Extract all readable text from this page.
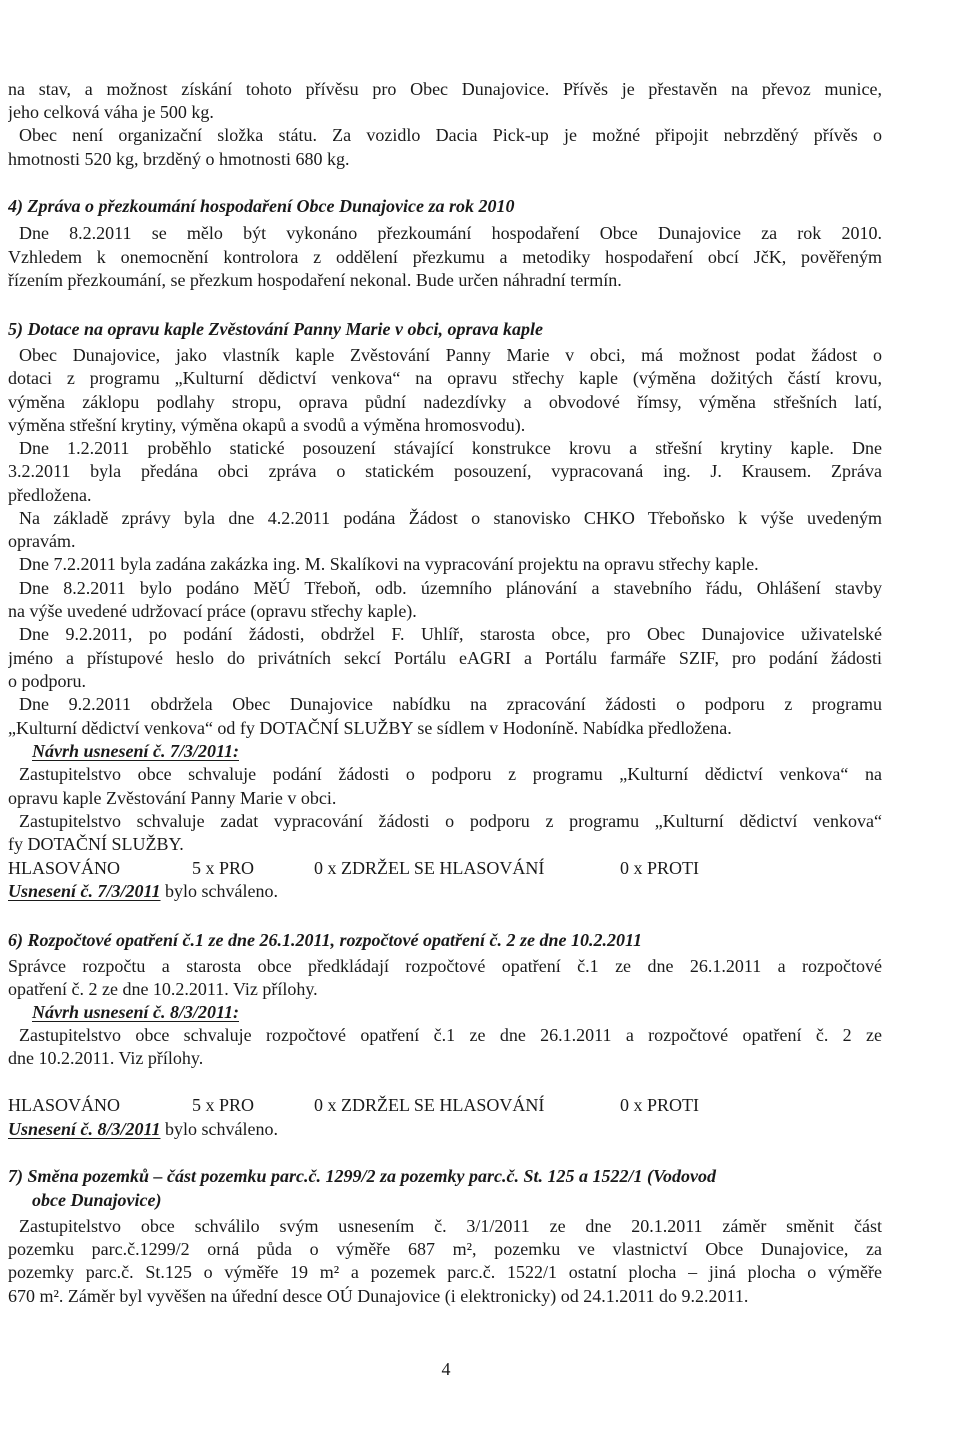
na stav, a možnost získání tohoto přívěsu pro Obec Dunajovice. Přívěs je přestavěn na převoz munice,
jeho celková váha je 500 kg.
Obec není organizační složka státu. Za vozidlo Dacia Pick-up je možné připojit nebrzděný přívěs o
hmotnosti 520 kg, brzděný o hmotnosti 680 kg.
4) Zpráva o přezkoumání hospodaření Obce Dunajovice za rok 2010
Dne 8.2.2011 se mělo být vykonáno přezkoumání hospodaření Obce Dunajovice za rok 2010.
Vzhledem k onemocnění kontrolora z oddělení přezkumu a metodiky hospodaření obcí JčK, pověřeným
řízením přezkoumání, se přezkum hospodaření nekonal. Bude určen náhradní termín.
5) Dotace na opravu kaple Zvěstování Panny Marie v obci, oprava kaple
Obec Dunajovice, jako vlastník kaple Zvěstování Panny Marie v obci, má možnost podat žádost o
dotaci z programu „Kulturní dědictví venkova“ na opravu střechy kaple (výměna dožitých částí krovu,
výměna záklopu podlahy stropu, oprava půdní nadezdívky a obvodové římsy, výměna střešních latí,
výměna střešní krytiny, výměna okapů a svodů a výměna hromosvodu).
Dne 1.2.2011 proběhlo statické posouzení stávající konstrukce krovu a střešní krytiny kaple. Dne
3.2.2011 byla předána obci zpráva o statickém posouzení, vypracovaná ing. J. Krausem. Zpráva
předložena.
Na základě zprávy byla dne 4.2.2011 podána Žádost o stanovisko CHKO Třeboňsko k výše uvedeným
opravám.
Dne 7.2.2011 byla zadána zakázka ing. M. Skalíkovi na vypracování projektu na opravu střechy kaple.
Dne 8.2.2011 bylo podáno MěÚ Třeboň, odb. územního plánování a stavebního řádu, Ohlášení stavby
na výše uvedené udržovací práce (opravu střechy kaple).
Dne 9.2.2011, po podání žádosti, obdržel F. Uhlíř, starosta obce, pro Obec Dunajovice uživatelské
jméno a přístupové heslo do privátních sekcí Portálu eAGRI a Portálu farmáře SZIF, pro podání žádosti
o podporu.
Dne 9.2.2011 obdržela Obec Dunajovice nabídku na zpracování žádosti o podporu z programu
„Kulturní dědictví venkova“ od fy DOTAČNÍ SLUŽBY se sídlem v Hodoníně. Nabídka předložena.
Návrh usnesení č. 7/3/2011:
Zastupitelstvo obce schvaluje podání žádosti o podporu z programu „Kulturní dědictví venkova“ na
opravu kaple Zvěstování Panny Marie v obci.
Zastupitelstvo schvaluje zadat vypracování žádosti o podporu z programu „Kulturní dědictví venkova“
fy DOTAČNÍ SLUŽBY.
HLASOVÁNO	5 x PRO	0 x ZDRŽEL SE HLASOVÁNÍ	0 x PROTI
Usnesení č. 7/3/2011 bylo schváleno.
6) Rozpočtové opatření č.1 ze dne 26.1.2011, rozpočtové opatření č. 2 ze dne 10.2.2011
Správce rozpočtu a starosta obce předkládají rozpočtové opatření č.1 ze dne 26.1.2011 a rozpočtové
opatření č. 2 ze dne 10.2.2011. Viz přílohy.
Návrh usnesení č. 8/3/2011:
Zastupitelstvo obce schvaluje rozpočtové opatření č.1 ze dne 26.1.2011 a rozpočtové opatření č. 2 ze
dne 10.2.2011. Viz přílohy.
HLASOVÁNO	5 x PRO	0 x ZDRŽEL SE HLASOVÁNÍ	0 x PROTI
Usnesení č. 8/3/2011 bylo schváleno.
7) Směna pozemků – část pozemku parc.č. 1299/2 za pozemky parc.č. St. 125 a 1522/1 (Vodovod
obce Dunajovice)
Zastupitelstvo obce schválilo svým usnesením č. 3/1/2011 ze dne 20.1.2011 záměr směnit část
pozemku parc.č.1299/2 orná půda o výměře 687 m², pozemku ve vlastnictví Obce Dunajovice, za
pozemky parc.č. St.125 o výměře 19 m² a pozemek parc.č. 1522/1 ostatní plocha – jiná plocha o výměře
670 m². Záměr byl vyvěšen na úřední desce OÚ Dunajovice (i elektronicky) od 24.1.2011 do 9.2.2011.
4
